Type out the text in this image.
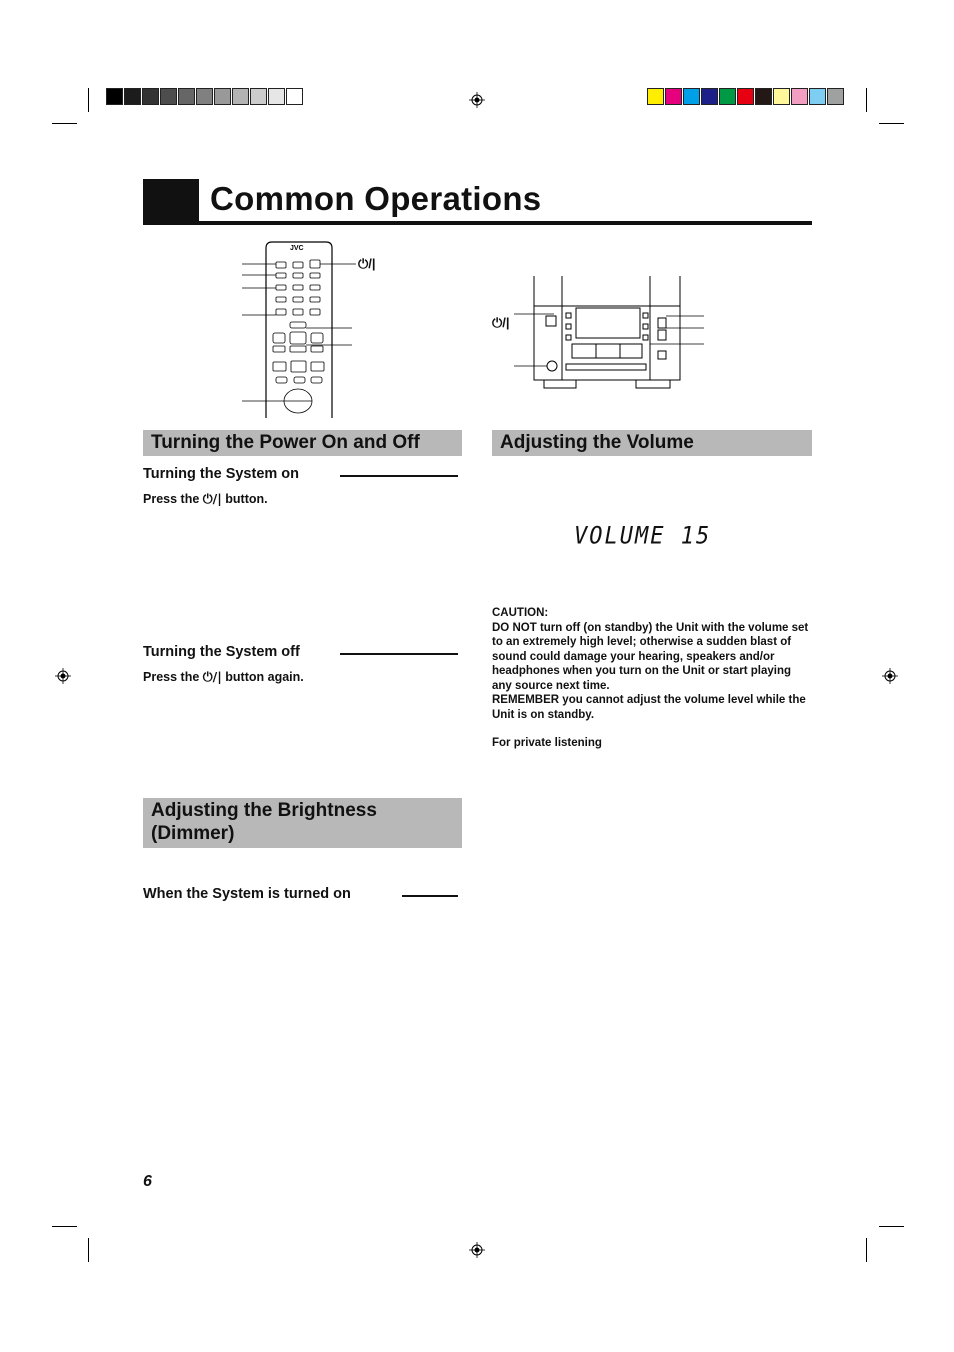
Common Operations
JVC
⏻/|
⏻/|
Turning the Power On and Off
Turning the System on
Press the ⏻/| button.
Turning the System off
Press the ⏻/| button again.
Adjusting the Volume
VOLUME 15
CAUTION:
DO NOT turn off (on standby) the Unit with the volume set to an extremely high level; otherwise a sudden blast of sound could damage your hearing, speakers and/or headphones when you turn on the Unit or start playing any source next time.
REMEMBER you cannot adjust the volume level while the Unit is on standby.
For private listening
Adjusting the Brightness (Dimmer)
When the System is turned on
6
